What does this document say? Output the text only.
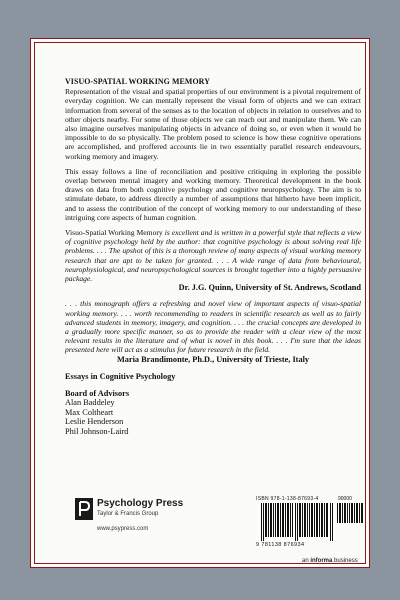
VISUO-SPATIAL WORKING MEMORY

Representation of the visual and spatial properties of our environment is a pivotal requirement of everyday cognition. We can mentally represent the visual form of objects and we can extract information from several of the senses as to the location of objects in relation to ourselves and to other objects nearby. For some of those objects we can reach out and manipulate them. We can also imagine ourselves manipulating objects in advance of doing so, or even when it would be impossible to do so physically. The problem posed to science is how these cognitive operations are accomplished, and proffered accounts lie in two essentially parallel research endeavours, working memory and imagery.

This essay follows a line of reconciliation and positive critiquing in exploring the possible overlap between mental imagery and working memory. Theoretical development in the book draws on data from both cognitive psychology and cognitive neuropsychology. The aim is to stimulate debate, to address directly a number of assumptions that hitherto have been implicit, and to assess the contribution of the concept of working memory to our understanding of these intriguing core aspects of human cognition.

Visuo-Spatial Working Memory is excellent and is written in a powerful style that reflects a view of cognitive psychology held by the author: that cognitive psychology is about solving real life problems. . . . The upshot of this is a thorough review of many aspects of visual working memory research that are apt to be taken for granted. . . . A wide range of data from behavioural, neurophysiological, and neuropsychological sources is brought together into a highly persuasive package.

Dr. J.G. Quinn, University of St. Andrews, Scotland

. . . this monograph offers a refreshing and novel view of important aspects of visuo-spatial working memory. . . . worth recommending to readers in scientific research as well as to fairly advanced students in memory, imagery, and cognition. . . . the crucial concepts are developed in a gradually more specific manner, so as to provide the reader with a clear view of the most relevant results in the literature and of what is novel in this book. . . . I'm sure that the ideas presented here will act as a stimulus for future research in the field.

Maria Brandimonte, Ph.D., University of Trieste, Italy

Essays in Cognitive Psychology

Board of Advisors

Alan Baddeley
Max Coltheart
Leslie Henderson
Phil Johnson-Laird
Psychology Press
Taylor & Francis Group
www.psypress.com
ISBN 978-1-138-87693-4	90000
9 781138 876934
an informa business
